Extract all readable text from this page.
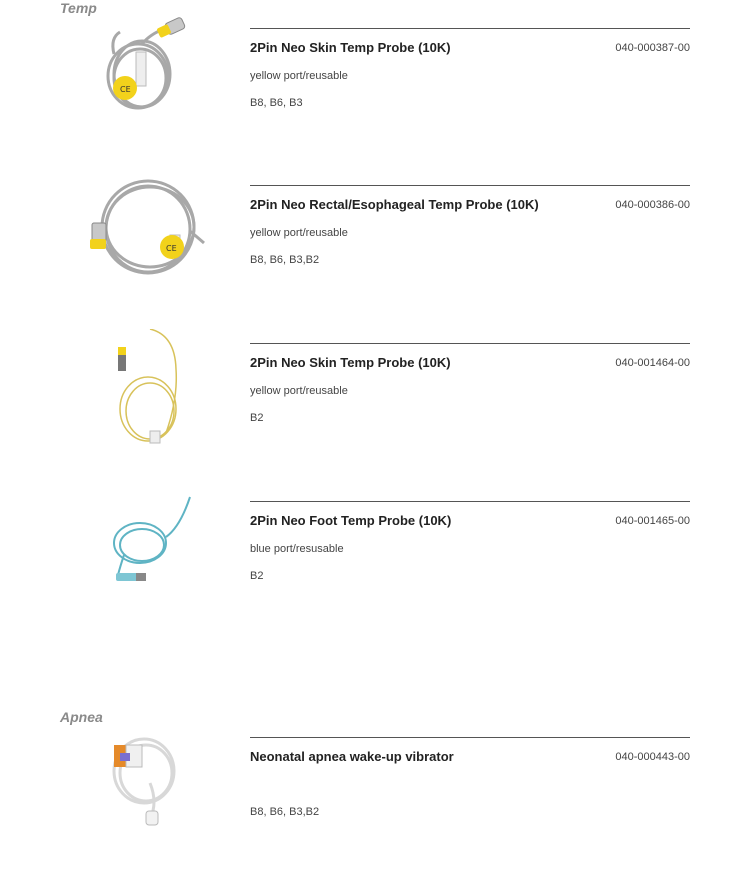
Temp
CE
2Pin Neo Skin Temp Probe (10K)	040-000387-00
yellow port/reusable
B8, B6, B3
CE
2Pin Neo Rectal/Esophageal Temp Probe (10K)	040-000386-00
yellow port/reusable
B8, B6, B3,B2
2Pin Neo Skin Temp Probe (10K)	040-001464-00
yellow port/reusable
B2
2Pin Neo Foot Temp Probe (10K)	040-001465-00
blue port/resusable
B2
Apnea
Neonatal apnea wake-up vibrator	040-000443-00
B8, B6, B3,B2
